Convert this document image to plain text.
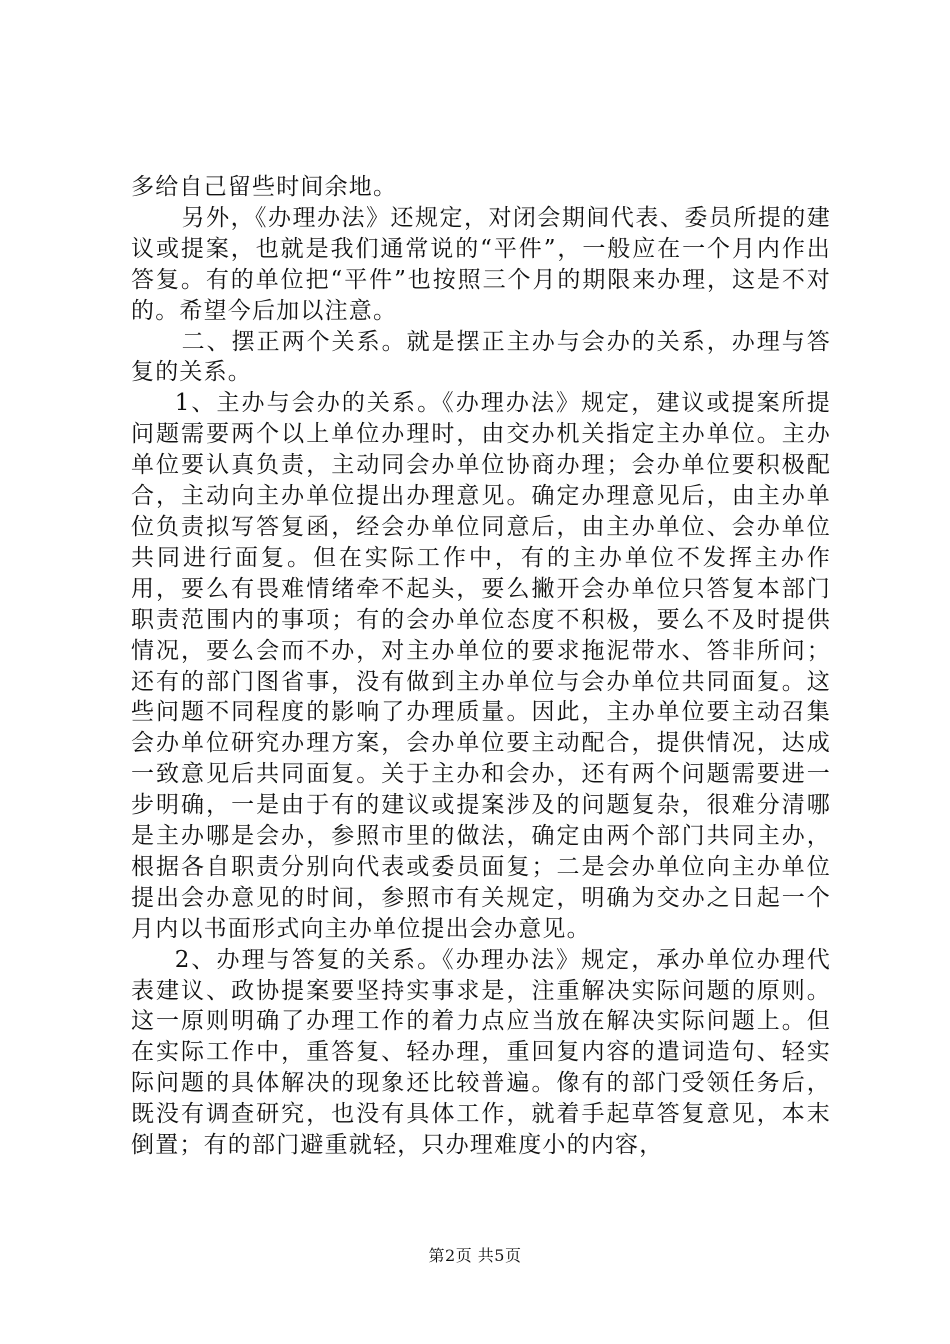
多给自己留些时间余地。

另外，《办理办法》还规定，对闭会期间代表、委员所提的建议或提案，也就是我们通常说的“平件”，一般应在一个月内作出答复。有的单位把“平件”也按照三个月的期限来办理，这是不对的。希望今后加以注意。

二、摆正两个关系。就是摆正主办与会办的关系，办理与答复的关系。

1、主办与会办的关系。《办理办法》规定，建议或提案所提问题需要两个以上单位办理时，由交办机关指定主办单位。主办单位要认真负责，主动同会办单位协商办理；会办单位要积极配合，主动向主办单位提出办理意见。确定办理意见后，由主办单位负责拟写答复函，经会办单位同意后，由主办单位、会办单位共同进行面复。但在实际工作中，有的主办单位不发挥主办作用，要么有畏难情绪牵不起头，要么撇开会办单位只答复本部门职责范围内的事项；有的会办单位态度不积极，要么不及时提供情况，要么会而不办，对主办单位的要求拖泥带水、答非所问；还有的部门图省事，没有做到主办单位与会办单位共同面复。这些问题不同程度的影响了办理质量。因此，主办单位要主动召集会办单位研究办理方案，会办单位要主动配合，提供情况，达成一致意见后共同面复。关于主办和会办，还有两个问题需要进一步明确，一是由于有的建议或提案涉及的问题复杂，很难分清哪是主办哪是会办，参照市里的做法，确定由两个部门共同主办，根据各自职责分别向代表或委员面复；二是会办单位向主办单位提出会办意见的时间，参照市有关规定，明确为交办之日起一个月内以书面形式向主办单位提出会办意见。

2、办理与答复的关系。《办理办法》规定，承办单位办理代表建议、政协提案要坚持实事求是，注重解决实际问题的原则。这一原则明确了办理工作的着力点应当放在解决实际问题上。但在实际工作中，重答复、轻办理，重回复内容的遣词造句、轻实际问题的具体解决的现象还比较普遍。像有的部门受领任务后，既没有调查研究，也没有具体工作，就着手起草答复意见，本末倒置；有的部门避重就轻，只办理难度小的内容，

第2页 共5页
